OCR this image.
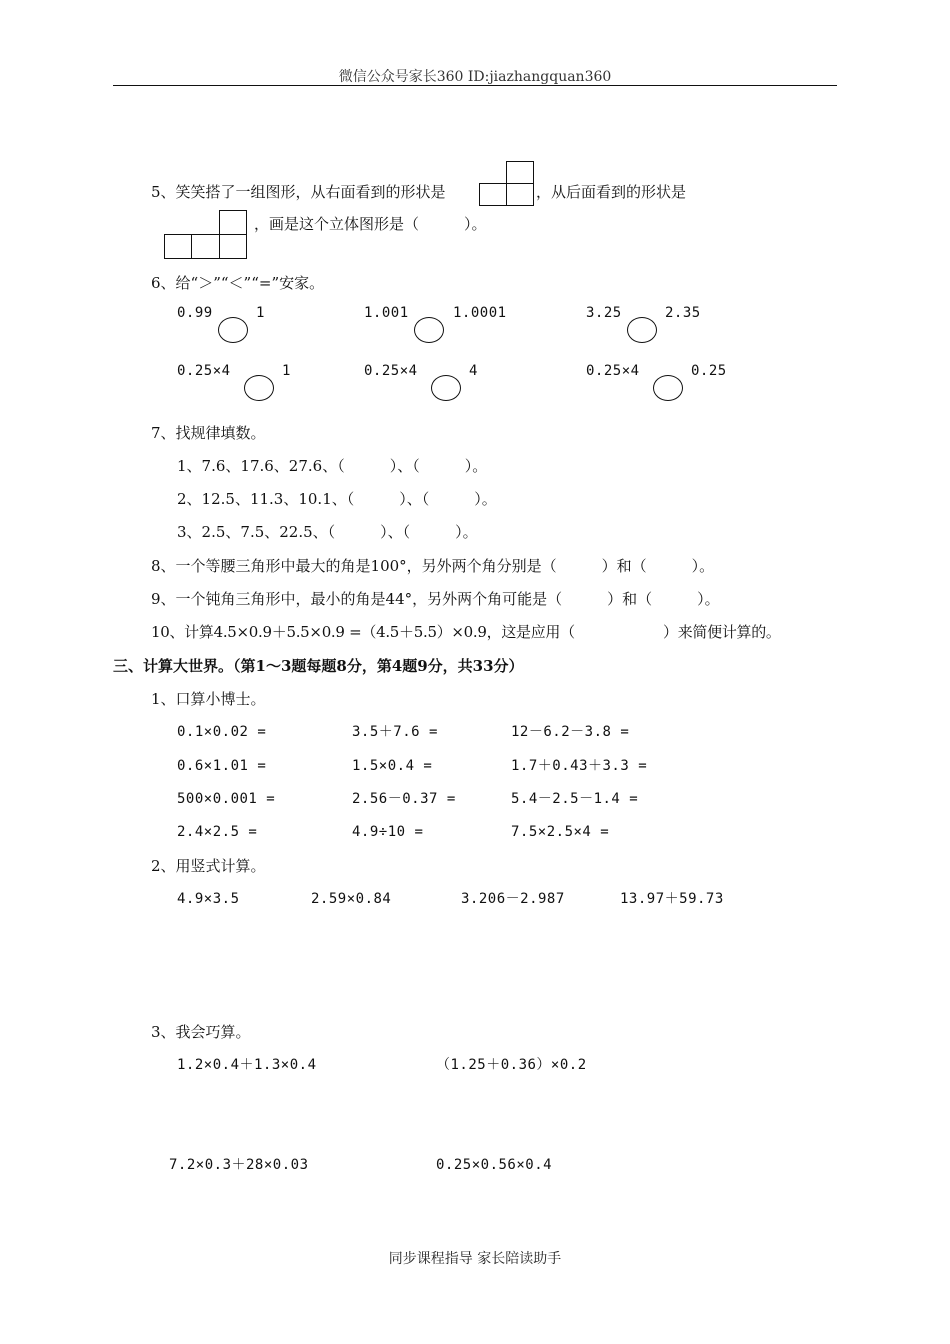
微信公众号家长360 ID:jiazhangquan360
5、笑笑搭了一组图形，从右面看到的形状是	，从后面看到的形状是
，画是这个立体图形是（　　　）。
6、给“＞”“＜”“=”安家。
0.99	1	1.001	1.0001	3.25	2.35
0.25×4	1	0.25×4	4	0.25×4	0.25
7、找规律填数。
1、7.6、17.6、27.6、（　　　）、（　　　）。
2、12.5、11.3、10.1、（　　　）、（　　　）。
3、2.5、7.5、22.5、（　　　）、（　　　）。
8、一个等腰三角形中最大的角是100°，另外两个角分别是（　　　）和（　　　）。
9、一个钝角三角形中，最小的角是44°，另外两个角可能是（　　　）和（　　　）。
10、计算4.5×0.9＋5.5×0.9 =（4.5＋5.5）×0.9，这是应用（　　　　　　）来简便计算的。
三、计算大世界。（第1～3题每题8分，第4题9分，共33分）
1、口算小博士。
0.1×0.02 =	3.5＋7.6 =	12－6.2－3.8 =
0.6×1.01 =	1.5×0.4 =	1.7＋0.43＋3.3 =
500×0.001 =	2.56－0.37 =	5.4－2.5－1.4 =
2.4×2.5 =	4.9÷10 =	7.5×2.5×4 =
2、用竖式计算。
4.9×3.5	2.59×0.84	3.206－2.987	13.97＋59.73
3、我会巧算。
1.2×0.4＋1.3×0.4	（1.25＋0.36）×0.2
7.2×0.3＋28×0.03	0.25×0.56×0.4
同步课程指导 家长陪读助手
